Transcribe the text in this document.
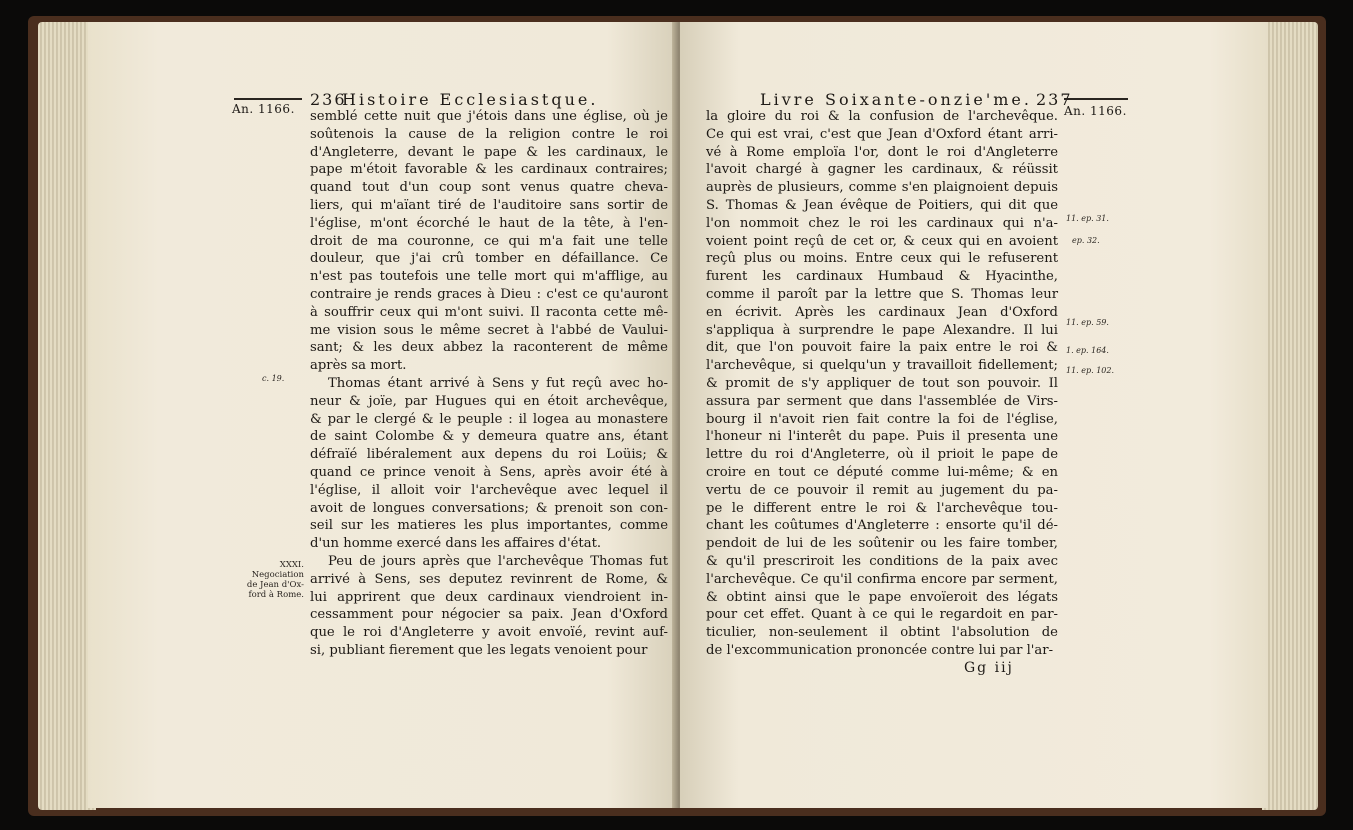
An. 1166. 236
Histoire Ecclesiastque.
semblé cette nuit que j'étois dans une église, où je
soûtenois la cause de la religion contre le roi
d'Angleterre, devant le pape & les cardinaux, le
pape m'étoit favorable & les cardinaux contraires;
quand tout d'un coup sont venus quatre cheva-
liers, qui m'aïant tiré de l'auditoire sans sortir de
l'église, m'ont écorché le haut de la tête, à l'en-
droit de ma couronne, ce qui m'a fait une telle
douleur, que j'ai crû tomber en défaillance. Ce
n'est pas toutefois une telle mort qui m'afflige, au
contraire je rends graces à Dieu : c'est ce qu'auront
à souffrir ceux qui m'ont suivi. Il raconta cette mê-
me vision sous le même secret à l'abbé de Vaului-
sant; & les deux abbez la raconterent de même
après sa mort.
Thomas étant arrivé à Sens y fut reçû avec ho-
neur & joïe, par Hugues qui en étoit archevêque,
& par le clergé & le peuple : il logea au monastere
de saint Colombe & y demeura quatre ans, étant
défraïé libéralement aux depens du roi Loüis; &
quand ce prince venoit à Sens, après avoir été à
l'église, il alloit voir l'archevêque avec lequel il
avoit de longues conversations; & prenoit son con-
seil sur les matieres les plus importantes, comme
d'un homme exercé dans les affaires d'état.
Peu de jours après que l'archevêque Thomas fut
arrivé à Sens, ses deputez revinrent de Rome, &
lui apprirent que deux cardinaux viendroient in-
cessamment pour négocier sa paix. Jean d'Oxford
que le roi d'Angleterre y avoit envoïé, revint auf-
si, publiant fierement que les legats venoient pour
c. 19.
XXXI.
Negociation
de Jean d'Ox-
ford à Rome.
Livre Soixante-onzie'me. 237
An. 1166.
la gloire du roi & la confusion de l'archevêque.
Ce qui est vrai, c'est que Jean d'Oxford étant arri-
vé à Rome emploïa l'or, dont le roi d'Angleterre
l'avoit chargé à gagner les cardinaux, & réüssit
auprès de plusieurs, comme s'en plaignoient depuis
S. Thomas & Jean évêque de Poitiers, qui dit que
l'on nommoit chez le roi les cardinaux qui n'a-
voient point reçû de cet or, & ceux qui en avoient
reçû plus ou moins. Entre ceux qui le refuserent
furent les cardinaux Humbaud & Hyacinthe,
comme il paroît par la lettre que S. Thomas leur
en écrivit. Après les cardinaux Jean d'Oxford
s'appliqua à surprendre le pape Alexandre. Il lui
dit, que l'on pouvoit faire la paix entre le roi &
l'archevêque, si quelqu'un y travailloit fidellement;
& promit de s'y appliquer de tout son pouvoir. Il
assura par serment que dans l'assemblée de Virs-
bourg il n'avoit rien fait contre la foi de l'église,
l'honeur ni l'interêt du pape. Puis il presenta une
lettre du roi d'Angleterre, où il prioit le pape de
croire en tout ce député comme lui-même; & en
vertu de ce pouvoir il remit au jugement du pa-
pe le different entre le roi & l'archevêque tou-
chant les coûtumes d'Angleterre : ensorte qu'il dé-
pendoit de lui de les soûtenir ou les faire tomber,
& qu'il prescriroit les conditions de la paix avec
l'archevêque. Ce qu'il confirma encore par serment,
& obtint ainsi que le pape envoïeroit des légats
pour cet effet. Quant à ce qui le regardoit en par-
ticulier, non-seulement il obtint l'absolution de
de l'excommunication prononcée contre lui par l'ar-
11. ep. 31.
ep. 32.
11. ep. 59.
1. ep. 164.
11. ep. 102.
Gg iij
